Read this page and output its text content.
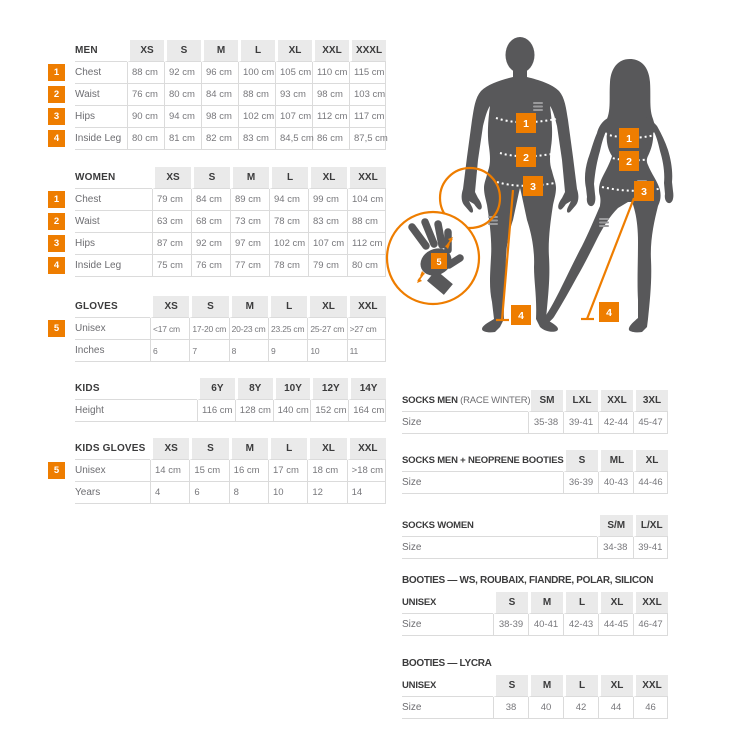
MEN	XS	S	M	L	XL	XXL	XXXL

1 Chest	88 cm	92 cm	96 cm	100 cm	105 cm	110 cm	115 cm

2 Waist	76 cm	80 cm	84 cm	88 cm	93 cm	98 cm	103 cm

3 Hips	90 cm	94 cm	98 cm	102 cm	107 cm	112 cm	117 cm

4 Inside Leg	80 cm	81 cm	82 cm	83 cm	84,5 cm	86 cm	87,5 cm
WOMEN	XS	S	M	L	XL	XXL

1 Chest	79 cm	84 cm	89 cm	94 cm	99 cm	104 cm

2 Waist	63 cm	68 cm	73 cm	78 cm	83 cm	88 cm

3 Hips	87 cm	92 cm	97 cm	102 cm	107 cm	112 cm

4 Inside Leg	75 cm	76 cm	77 cm	78 cm	79 cm	80 cm
GLOVES	XS	S	M	L	XL	XXL

5 Unisex	<17 cm	17-20 cm	20-23 cm	23.25 cm	25-27 cm	>27 cm
Inches	6	7	8	9	10	11
KIDS	6Y	8Y	10Y	12Y	14Y
Height	116 cm	128 cm	140 cm	152 cm	164 cm
KIDS GLOVES	XS	S	M	L	XL	XXL

5 Unisex	14 cm	15 cm	16 cm	17 cm	18 cm	>18 cm
Years	4	6	8	10	12	14
SOCKS MEN (RACE WINTER)	SM	LXL	XXL	3XL
Size	35-38	39-41	42-44	45-47
SOCKS MEN + NEOPRENE BOOTIES	S	ML	XL
Size	36-39	40-43	44-46
SOCKS WOMEN	S/M	L/XL
Size	34-38	39-41
BOOTIES — WS, ROUBAIX, FIANDRE, POLAR, SILICON
UNISEX	S	M	L	XL	XXL
Size	38-39	40-41	42-43	44-45	46-47
BOOTIES — LYCRA
UNISEX	S	M	L	XL	XXL
Size	38	40	42	44	46
1
2
3
4
1
2
3
4
5
